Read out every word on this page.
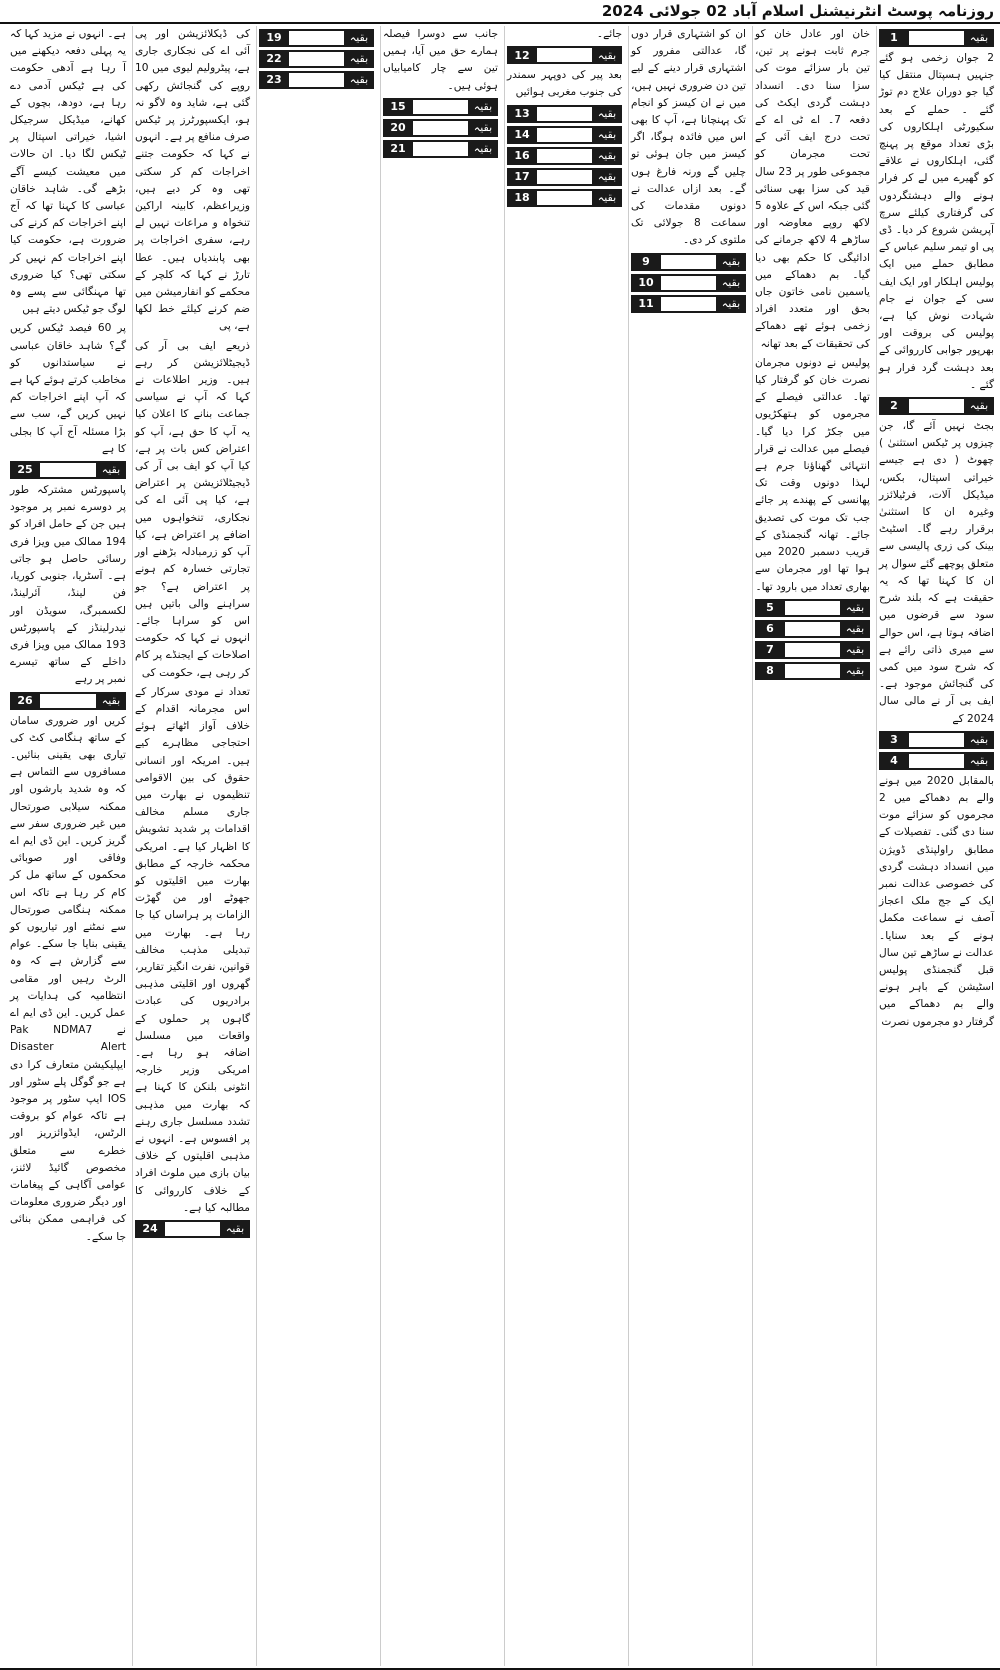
روزنامہ پوسٹ انٹرنیشنل اسلام آباد 02 جولائی 2024
بقیہ
1

2 جوان زخمی ہو گئے جنہیں ہسپتال منتقل کیا گیا جو دوران علاج دم توڑ گئے ۔ حملے کے بعد سکیورٹی اہلکاروں کی بڑی تعداد موقع پر پہنچ گئی، اہلکاروں نے علاقے کو گھیرے میں لے کر فرار ہونے والے دہشتگردوں کی گرفتاری کیلئے سرچ آپریشن شروع کر دیا۔ ڈی پی او تیمر سلیم عباس کے مطابق حملے میں ایک پولیس اہلکار اور ایک ایف سی کے جوان نے جام شہادت نوش کیا ہے، پولیس کی بروقت اور بھرپور جوابی کارروائی کے بعد دہشت گرد فرار ہو گئے ۔

بقیہ
2

بجٹ نہیں آئے گا، جن چیزوں پر ٹیکس استثنیٰ ) چھوٹ ( دی ہے جیسے خیراتی اسپتال، بکس، میڈیکل آلات، فرٹیلائزر وغیرہ ان کا استثنیٰ برقرار رہے گا۔ اسٹیٹ بینک کی زری پالیسی سے متعلق پوچھے گئے سوال پر ان کا کہنا تھا کہ یہ حقیقت ہے کہ بلند شرح سود سے قرضوں میں اضافہ ہوتا ہے، اس حوالے سے میری ذاتی رائے ہے کہ شرح سود میں کمی کی گنجائش موجود ہے۔ ایف بی آر نے مالی سال 2024 کے

بقیہ
3
بقیہ
4

بالمقابل 2020 میں ہونے والے بم دھماکے میں 2 مجرموں کو سزائے موت سنا دی گئی۔ تفصیلات کے مطابق راولپنڈی ڈویژن میں انسداد دہشت گردی کی خصوصی عدالت نمبر ایک کے جج ملک اعجاز آصف نے سماعت مکمل ہونے کے بعد سنایا۔ عدالت نے ساڑھے تین سال قبل گنجمنڈی پولیس اسٹیشن کے باہر ہونے والے بم دھماکے میں گرفتار دو مجرموں نصرت

خان اور عادل خان کو جرم ثابت ہونے پر تین، تین بار سزائے موت کی سزا سنا دی۔ انسداد دہشت گردی ایکٹ کی دفعہ 7۔ اے ٹی اے کے تحت درج ایف آئی کے تحت مجرمان کو مجموعی طور پر 23 سال قید کی سزا بھی سنائی گئی جبکہ اس کے علاوہ 5 لاکھ روپے معاوضہ اور ساڑھے 4 لاکھ جرمانے کی ادائیگی کا حکم بھی دیا گیا۔ بم دھماکے میں یاسمین نامی خاتون جاں بحق اور متعدد افراد زخمی ہوئے تھے دھماکے کی تحقیقات کے بعد تھانہ

پولیس نے دونوں مجرمان نصرت خان کو گرفتار کیا تھا۔ عدالتی فیصلے کے مجرموں کو ہتھکڑیوں میں جکڑ کرا دیا گیا۔ فیصلے میں عدالت نے قرار انتہائی گھناؤنا جرم ہے لہذا دونوں وقت تک پھانسی کے پھندے پر جائے جب تک موت کی تصدیق جائے۔ تھانہ گنجمنڈی کے قریب دسمبر 2020 میں ہوا تھا اور مجرمان سے بھاری تعداد میں بارود تھا۔

بقیہ
5
بقیہ
6
بقیہ
7
بقیہ
8

ان کو اشتہاری قرار دوں گا، عدالتی مفرور کو اشتہاری قرار دینے کے لیے تین دن ضروری نہیں ہیں، میں نے ان کیسز کو انجام تک پہنچانا ہے، آپ کا بھی اس میں فائدہ ہوگا، اگر کیسز میں جان ہوئی تو چلیں گے ورنہ فارغ ہوں گے۔ بعد ازاں عدالت نے دونوں مقدمات کی سماعت 8 جولائی تک ملتوی کر دی۔

بقیہ
9
بقیہ
10
بقیہ
11

جائے۔

بقیہ
12

بعد پیر کی دوپہر سمندر کی جنوب مغربی ہوائیں

بقیہ
13
بقیہ
14
بقیہ
16
بقیہ
17
بقیہ
18

جانب سے دوسرا فیصلہ ہمارے حق میں آیا، ہمیں تین سے چار کامیابیاں ہوئی ہیں۔

بقیہ
15
بقیہ
20
بقیہ
21
بقیہ
19
بقیہ
22
بقیہ
23

کی ڈیکلائزیشن اور پی آئی اے کی نجکاری جاری ہے، پیٹرولیم لیوی میں 10 روپے کی گنجائش رکھی گئی ہے، شاید وہ لاگو نہ ہو، ایکسپورٹرز پر ٹیکس صرف منافع پر ہے۔ انہوں نے کہا کہ حکومت جتنے اخراجات کم کر سکتی تھی وہ کر دیے ہیں، وزیراعظم، کابینہ اراکین تنخواہ و مراعات نہیں لے رہے، سفری اخراجات پر بھی پابندیاں ہیں۔ عطا تارڑ نے کہا کہ کلچر کے محکمے کو انفارمیشن میں ضم کرنے کیلئے خط لکھا ہے، پی

ذریعے ایف بی آر کی ڈیجیٹلائزیشن کر رہے ہیں۔ وزیر اطلاعات نے کہا کہ آپ نے سیاسی جماعت بنانے کا اعلان کیا یہ آپ کا حق ہے، آپ کو اعتراض کس بات پر ہے، کیا آپ کو ایف بی آر کی ڈیجیٹلائزیشن پر اعتراض ہے، کیا پی آئی اے کی نجکاری، تنخواہوں میں اضافے پر اعتراض ہے، کیا آپ کو زرمبادلہ بڑھنے اور تجارتی خسارہ کم ہونے پر اعتراض ہے؟ جو سراہنے والی باتیں ہیں اس کو سراہا جائے۔ انہوں نے کہا کہ حکومت اصلاحات کے ایجنڈے پر کام کر رہی ہے، حکومت کی

تعداد نے مودی سرکار کے اس مجرمانہ اقدام کے خلاف آواز اٹھاتے ہوئے احتجاجی مظاہرے کیے ہیں۔ امریکہ اور انسانی حقوق کی بین الاقوامی تنظیموں نے بھارت میں جاری مسلم مخالف اقدامات پر شدید تشویش کا اظہار کیا ہے۔ امریکی محکمہ خارجہ کے مطابق بھارت میں اقلیتوں کو جھوٹے اور من گھڑت الزامات پر ہراساں کیا جا رہا ہے۔ بھارت میں تبدیلی مذہب مخالف قوانین، نفرت انگیز تقاریر، گھروں اور اقلیتی مذہبی برادریوں کی عبادت گاہوں پر حملوں کے واقعات میں مسلسل اضافہ ہو رہا ہے۔ امریکی وزیر خارجہ انٹونی بلنکن کا کہنا ہے کہ بھارت میں مذہبی تشدد مسلسل جاری رہنے پر افسوس ہے۔ انہوں نے مذہبی اقلیتوں کے خلاف بیان بازی میں ملوث افراد کے خلاف کارروائی کا مطالبہ کیا ہے۔

بقیہ
24

ہے۔ انہوں نے مزید کہا کہ یہ پہلی دفعہ دیکھنے میں آ رہا ہے آدھی حکومت کی ہے ٹیکس آدمی دے رہا ہے، دودھ، بچوں کے کھانے، میڈیکل سرجیکل اشیا، خیراتی اسپتال پر ٹیکس لگا دیا۔ ان حالات میں معیشت کیسے آگے بڑھے گی۔ شاہد خاقان عباسی کا کہنا تھا کہ آج اپنے اخراجات کم کرنے کی ضرورت ہے، حکومت کیا اپنے اخراجات کم نہیں کر سکتی تھی؟ کیا ضروری تھا مہنگائی سے پسے وہ لوگ جو ٹیکس دیتے ہیں

پر 60 فیصد ٹیکس کریں گے؟ شاہد خاقان عباسی نے سیاستدانوں کو مخاطب کرتے ہوئے کہا ہے کہ آپ اپنے اخراجات کم نہیں کریں گے، سب سے بڑا مسئلہ آج آپ کا بجلی کا ہے

بقیہ
25

پاسپورٹس مشترکہ طور پر دوسرے نمبر پر موجود ہیں جن کے حامل افراد کو 194 ممالک میں ویزا فری رسائی حاصل ہو جاتی ہے۔ آسٹریا، جنوبی کوریا، فن لینڈ، آئرلینڈ، لکسمبرگ، سویڈن اور نیدرلینڈز کے پاسپورٹس 193 ممالک میں ویزا فری داخلے کے ساتھ تیسرے نمبر پر رہے

بقیہ
26

کریں اور ضروری سامان کے ساتھ ہنگامی کٹ کی تیاری بھی یقینی بنائیں۔ مسافروں سے التماس ہے کہ وہ شدید بارشوں اور ممکنہ سیلابی صورتحال میں غیر ضروری سفر سے گریز کریں۔ این ڈی ایم اے وفاقی اور صوبائی محکموں کے ساتھ مل کر کام کر رہا ہے تاکہ اس ممکنہ ہنگامی صورتحال سے نمٹنے اور تیاریوں کو یقینی بنایا جا سکے۔ عوام سے گزارش ہے کہ وہ الرٹ رہیں اور مقامی انتظامیہ کی ہدایات پر عمل کریں۔ این ڈی ایم اے نے Pak NDMA7 Disaster Alert ایپلیکیشن متعارف کرا دی ہے جو گوگل پلے سٹور اور IOS ایپ سٹور پر موجود ہے تاکہ عوام کو بروقت الرٹس، ایڈوائزریز اور خطرے سے متعلق مخصوص گائیڈ لائنز، عوامی آگاہی کے پیغامات اور دیگر ضروری معلومات کی فراہمی ممکن بنائی جا سکے۔
